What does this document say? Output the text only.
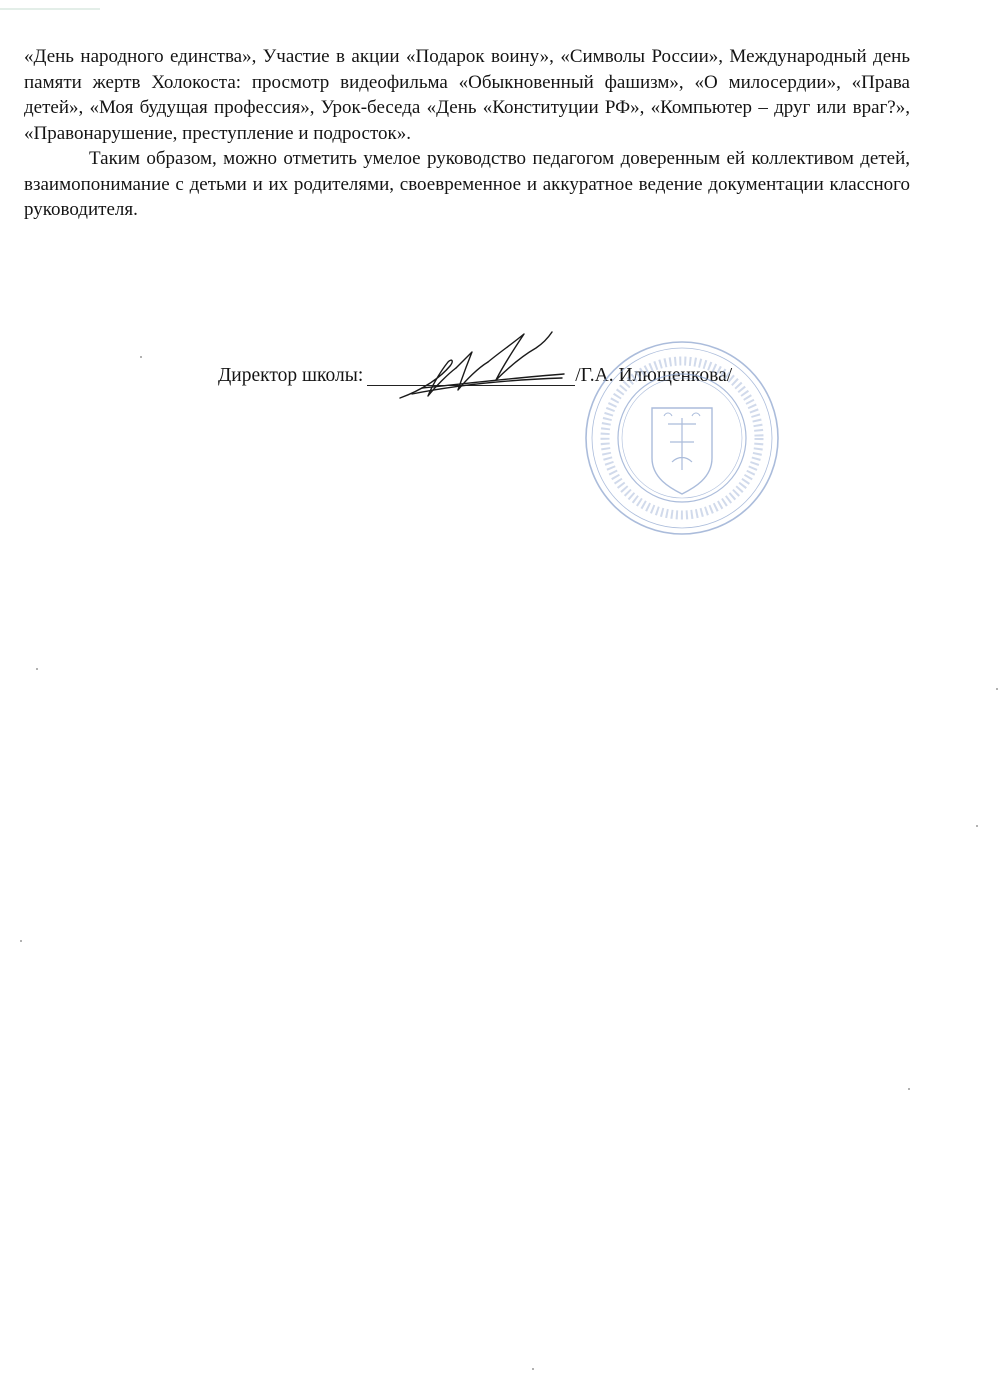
«День народного единства», Участие в акции «Подарок воину», «Символы России», Международный день памяти жертв Холокоста: просмотр видеофильма «Обыкновенный фашизм», «О милосердии», «Права детей», «Моя будущая профессия», Урок-беседа «День «Конституции РФ», «Компьютер – друг или враг?», «Правонарушение, преступление и подросток».

Таким образом, можно отметить умелое руководство педагогом доверенным ей коллективом детей, взаимопонимание с детьми и их родителями, своевременное и аккуратное ведение документации классного руководителя.

Директор школы:	/Г.А. Илющенкова/
